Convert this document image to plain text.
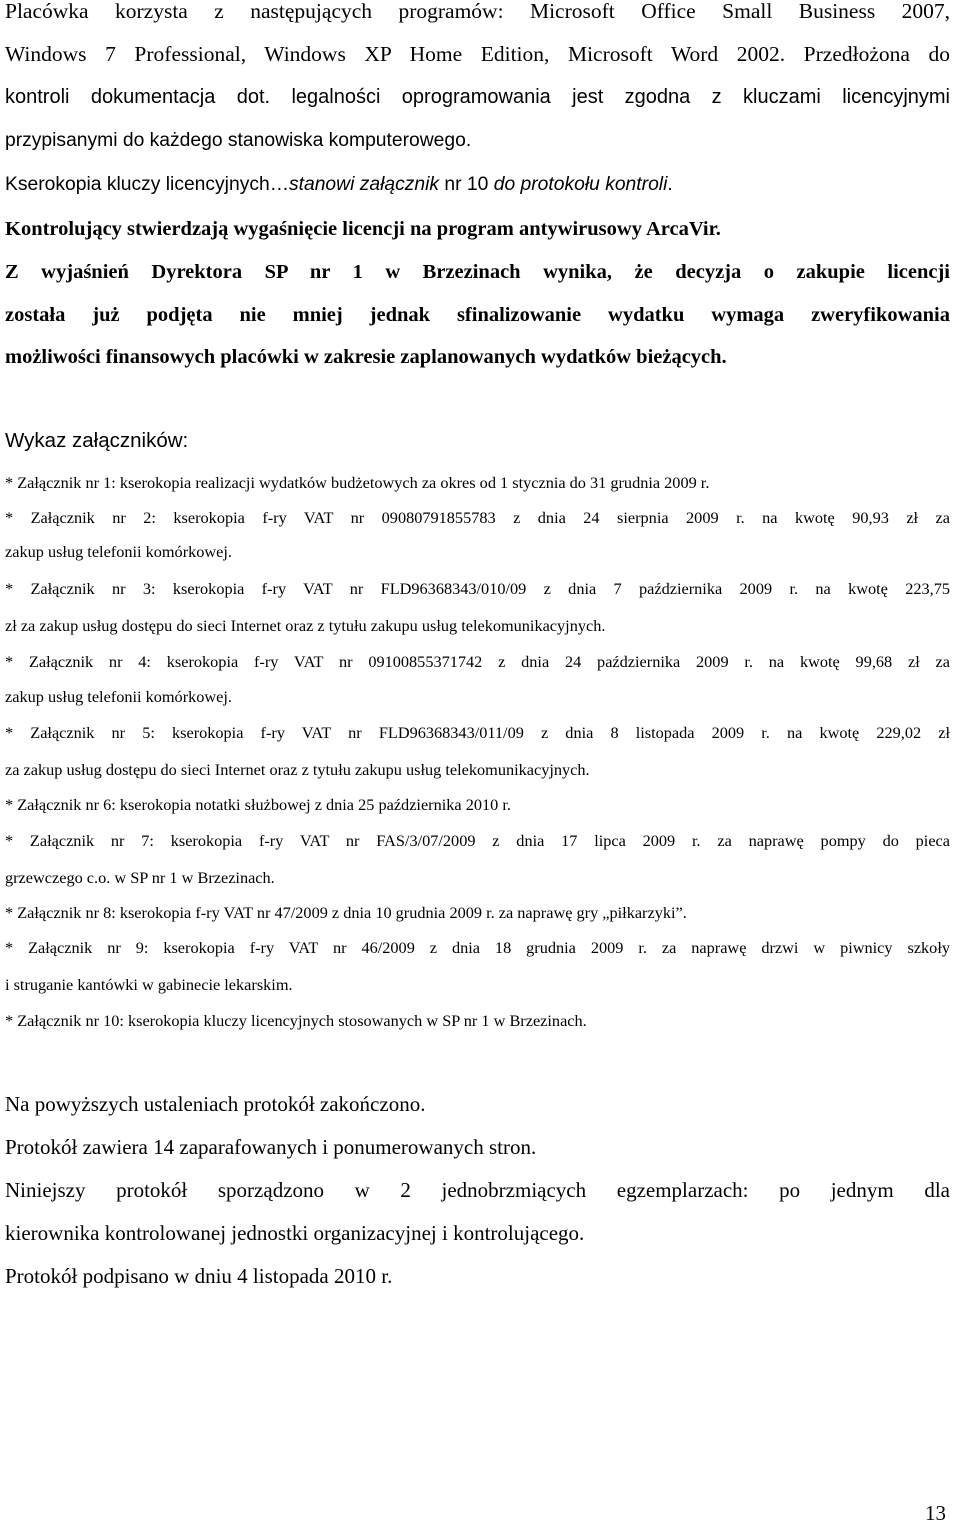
Placówka korzysta z następujących programów: Microsoft Office Small Business 2007,
Windows 7 Professional, Windows XP Home Edition, Microsoft Word 2002. Przedłożona do
kontroli dokumentacja dot. legalności oprogramowania jest zgodna z kluczami licencyjnymi
przypisanymi do każdego stanowiska komputerowego.
Kserokopia kluczy licencyjnych…stanowi załącznik nr 10 do protokołu kontroli.
Kontrolujący stwierdzają wygaśnięcie licencji na program antywirusowy ArcaVir.
Z wyjaśnień Dyrektora SP nr 1 w Brzezinach wynika, że decyzja o zakupie licencji
została już podjęta nie mniej jednak sfinalizowanie wydatku wymaga zweryfikowania
możliwości finansowych placówki w zakresie zaplanowanych wydatków bieżących.
Wykaz załączników:
* Załącznik nr 1: kserokopia realizacji wydatków budżetowych za okres od 1 stycznia do 31 grudnia 2009 r.
* Załącznik nr 2: kserokopia f-ry VAT nr 09080791855783 z dnia 24 sierpnia 2009 r. na kwotę 90,93 zł za
zakup usług telefonii komórkowej.
* Załącznik nr 3: kserokopia f-ry VAT nr FLD96368343/010/09 z dnia 7 października 2009 r. na kwotę 223,75
zł za zakup usług dostępu do sieci Internet oraz z tytułu zakupu usług telekomunikacyjnych.
* Załącznik nr 4: kserokopia f-ry VAT nr 09100855371742 z dnia 24 października 2009 r. na kwotę 99,68 zł za
zakup usług telefonii komórkowej.
* Załącznik nr 5: kserokopia f-ry VAT nr FLD96368343/011/09 z dnia 8 listopada 2009 r. na kwotę 229,02 zł
za zakup usług dostępu do sieci Internet oraz z tytułu zakupu usług telekomunikacyjnych.
* Załącznik nr 6: kserokopia notatki służbowej z dnia 25 października 2010 r.
* Załącznik nr 7: kserokopia f-ry VAT nr FAS/3/07/2009 z dnia 17 lipca 2009 r. za naprawę pompy do pieca
grzewczego c.o. w SP nr 1 w Brzezinach.
* Załącznik nr 8: kserokopia f-ry VAT nr 47/2009 z dnia 10 grudnia 2009 r. za naprawę gry „piłkarzyki”.
* Załącznik nr 9: kserokopia f-ry VAT nr 46/2009 z dnia 18 grudnia 2009 r. za naprawę drzwi w piwnicy szkoły
i struganie kantówki w gabinecie lekarskim.
* Załącznik nr 10: kserokopia kluczy licencyjnych stosowanych w SP nr 1 w Brzezinach.
Na powyższych ustaleniach protokół zakończono.
Protokół zawiera 14 zaparafowanych i ponumerowanych stron.
Niniejszy protokół sporządzono w 2 jednobrzmiących egzemplarzach: po jednym dla
kierownika kontrolowanej jednostki organizacyjnej i kontrolującego.
Protokół podpisano w dniu 4 listopada 2010 r.
13
